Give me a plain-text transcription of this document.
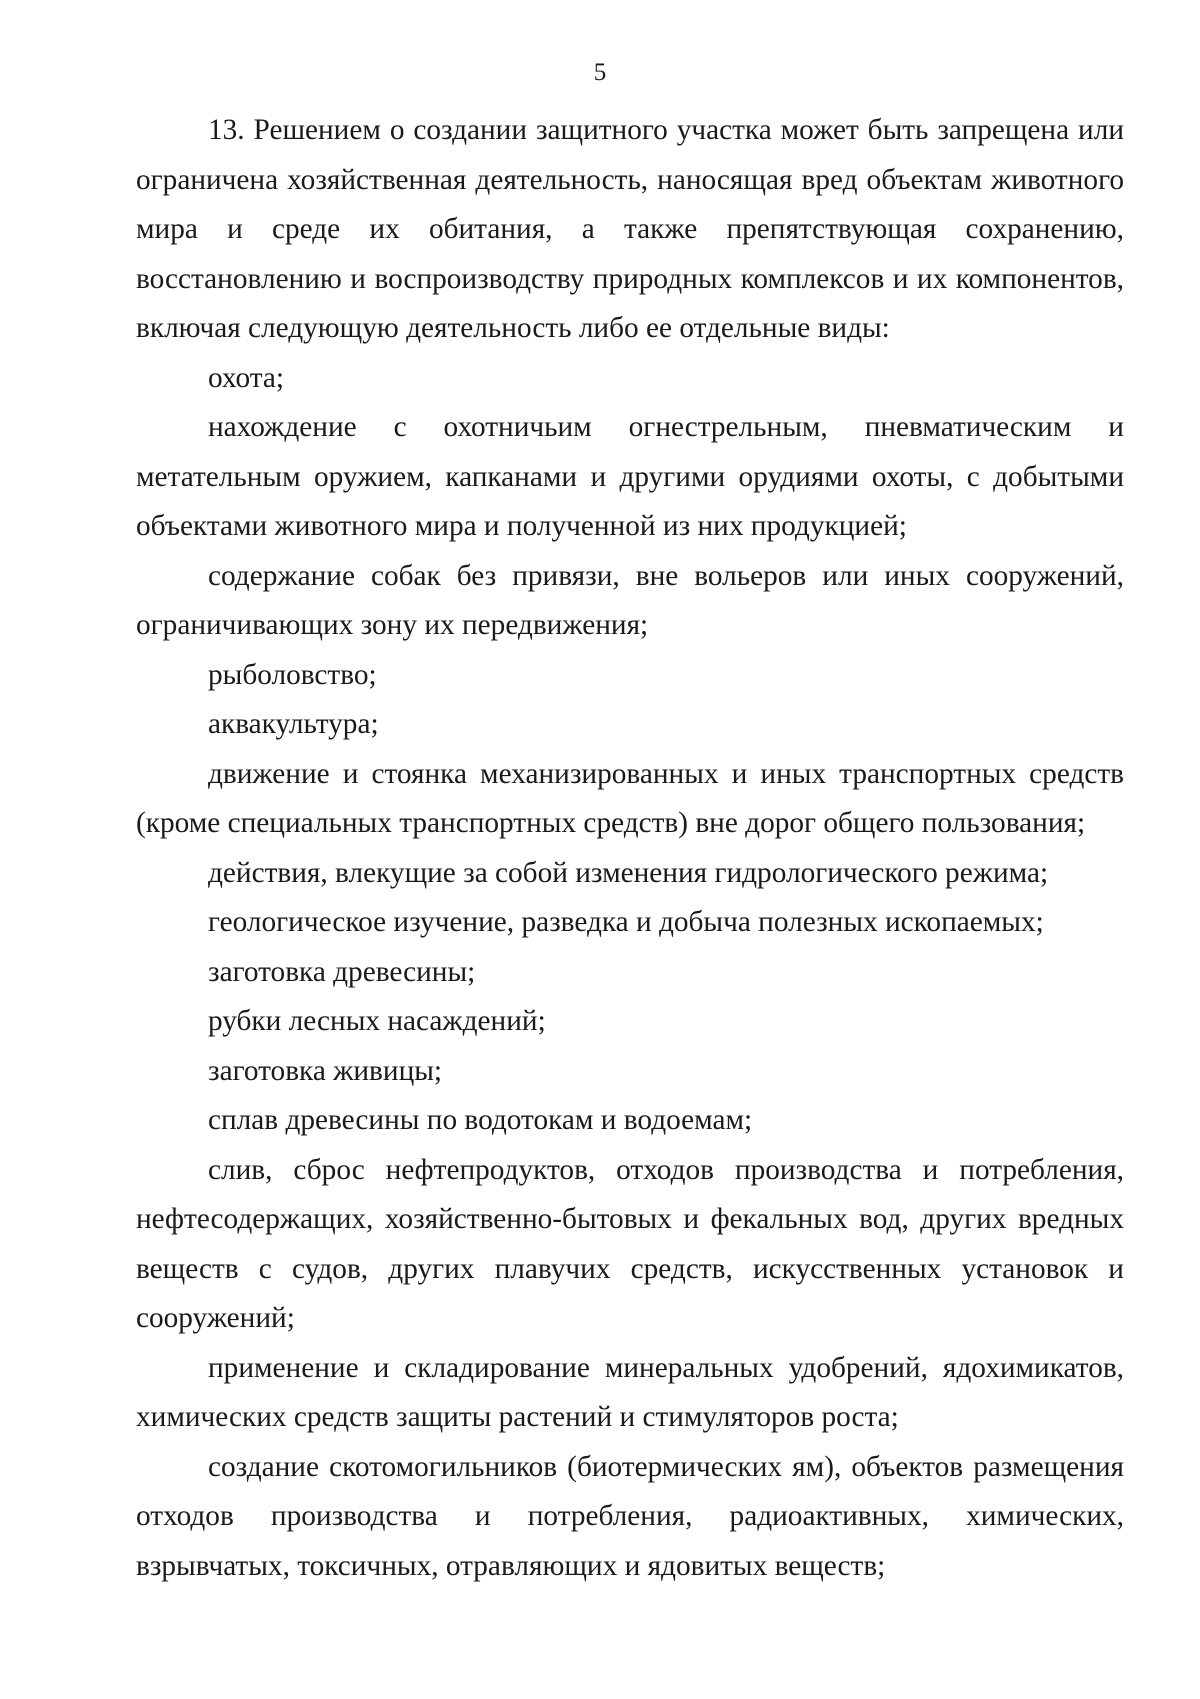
5

13. Решением о создании защитного участка может быть запрещена или ограничена хозяйственная деятельность, наносящая вред объектам животного мира и среде их обитания, а также препятствующая сохранению, восстановлению и воспроизводству природных комплексов и их компонентов, включая следующую деятельность либо ее отдельные виды:

охота;

нахождение с охотничьим огнестрельным, пневматическим и метательным оружием, капканами и другими орудиями охоты, с добытыми объектами животного мира и полученной из них продукцией;

содержание собак без привязи, вне вольеров или иных сооружений, ограничивающих зону их передвижения;

рыболовство;

аквакультура;

движение и стоянка механизированных и иных транспортных средств (кроме специальных транспортных средств) вне дорог общего пользования;

действия, влекущие за собой изменения гидрологического режима;

геологическое изучение, разведка и добыча полезных ископаемых;

заготовка древесины;

рубки лесных насаждений;

заготовка живицы;

сплав древесины по водотокам и водоемам;

слив, сброс нефтепродуктов, отходов производства и потребления, нефтесодержащих, хозяйственно-бытовых и фекальных вод, других вредных веществ с судов, других плавучих средств, искусственных установок и сооружений;

применение и складирование минеральных удобрений, ядохимикатов, химических средств защиты растений и стимуляторов роста;

создание скотомогильников (биотермических ям), объектов размещения отходов производства и потребления, радиоактивных, химических, взрывчатых, токсичных, отравляющих и ядовитых веществ;
